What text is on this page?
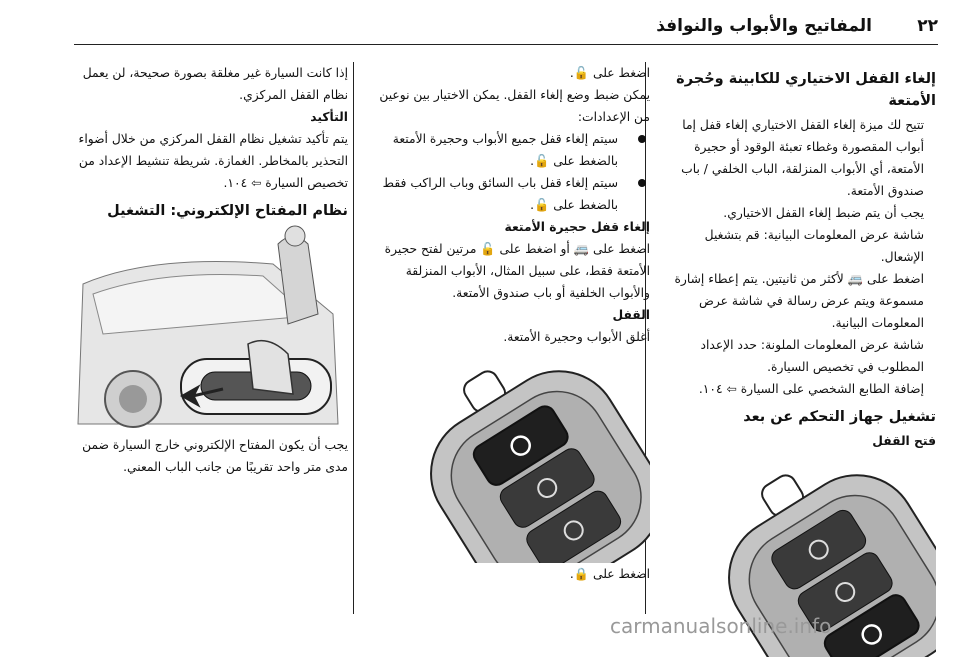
٢٢
المفاتيح والأبواب والنوافذ
إلغاء القفل الاختياري للكابينة وحُجرة الأمتعة

تتيح لك ميزة إلغاء القفل الاختياري إلغاء قفل إما أبواب المقصورة وغطاء تعبئة الوقود أو حجيرة الأمتعة، أي الأبواب المنزلقة، الباب الخلفي / باب صندوق الأمتعة.

يجب أن يتم ضبط إلغاء القفل الاختياري.

شاشة عرض المعلومات البيانية: قم بتشغيل الإشعال.

اضغط على 🚐 لأكثر من ثانيتين. يتم إعطاء إشارة مسموعة ويتم عرض رسالة في شاشة عرض المعلومات البيانية.

شاشة عرض المعلومات الملونة: حدد الإعداد المطلوب في تخصيص السيارة.

إضافة الطابع الشخصي على السيارة ⇦ ١٠٤.

تشغيل جهاز التحكم عن بعد
فتح القفل

اضغط على 🔓.

يمكن ضبط وضع إلغاء القفل. يمكن الاختيار بين نوعين من الإعدادات:

سيتم إلغاء قفل جميع الأبواب وحجيرة الأمتعة بالضغط على 🔓.
سيتم إلغاء قفل باب السائق وباب الراكب فقط بالضغط على 🔓.
إلغاء قفل حجيرة الأمتعة

اضغط على 🚐 أو اضغط على 🔓 مرتين لفتح حجيرة الأمتعة فقط، على سبيل المثال، الأبواب المنزلقة والأبواب الخلفية أو باب صندوق الأمتعة.

القفل

أغلق الأبواب وحجيرة الأمتعة.

اضغط على 🔒.

إذا كانت السيارة غير مغلقة بصورة صحيحة، لن يعمل نظام القفل المركزي.

التأكيد

يتم تأكيد تشغيل نظام القفل المركزي من خلال أضواء التحذير بالمخاطر. الغمازة. شريطة تنشيط الإعداد من تخصيص السيارة ⇦ ١٠٤.

نظام المفتاح الإلكتروني: التشغيل

يجب أن يكون المفتاح الإلكتروني خارج السيارة ضمن مدى متر واحد تقريبًا من جانب الباب المعني.

carmanualsonline.info
